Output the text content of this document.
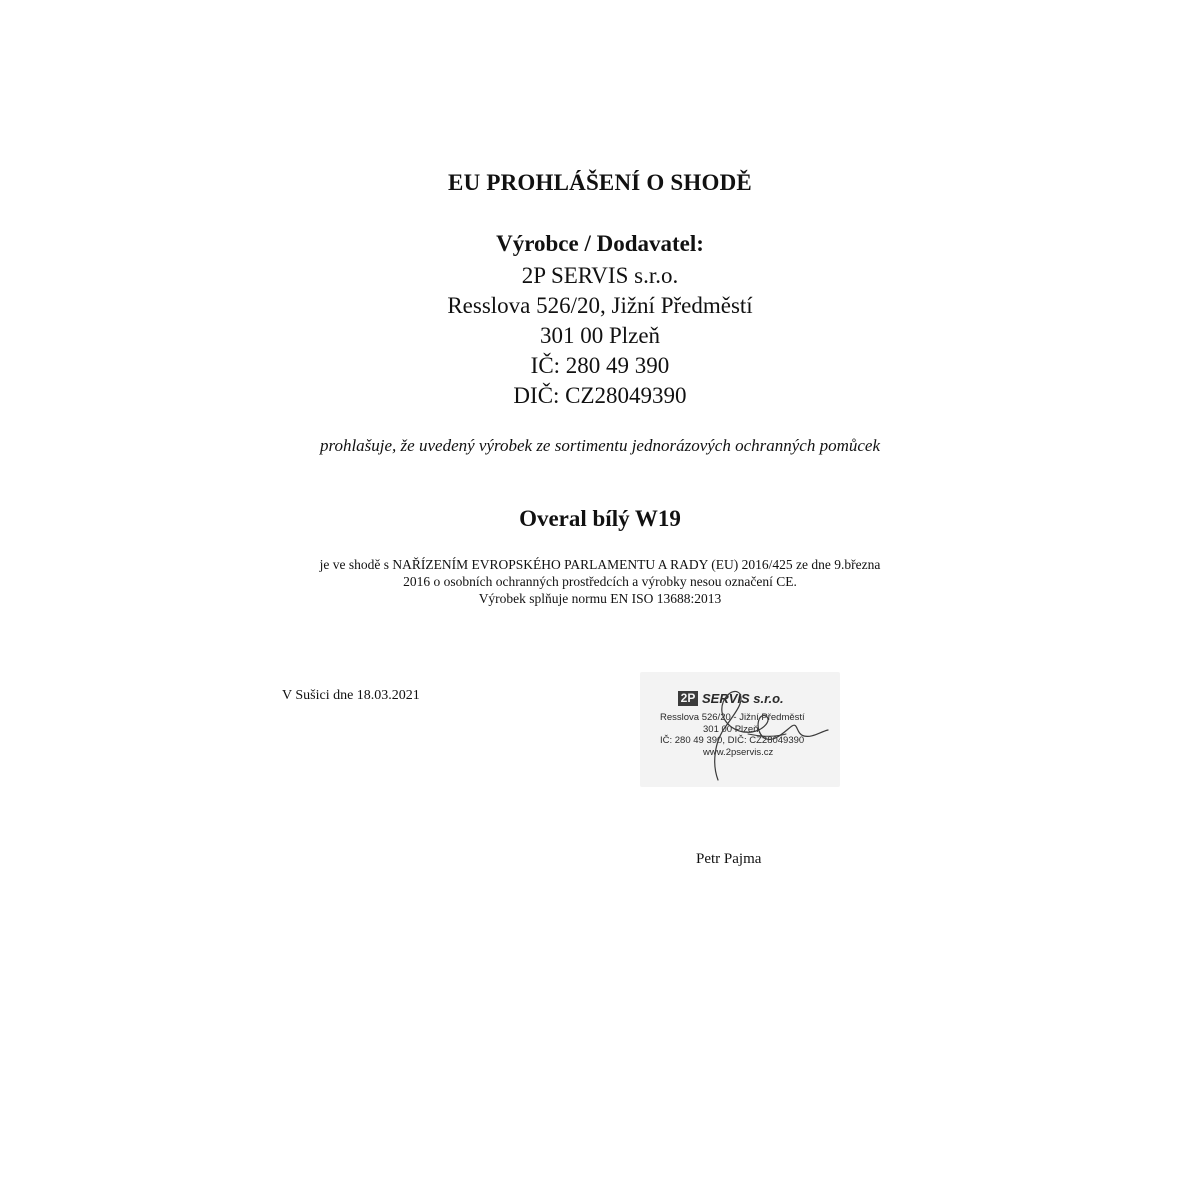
EU PROHLÁŠENÍ O SHODĚ
Výrobce / Dodavatel:
2P SERVIS s.r.o.
Resslova 526/20, Jižní Předměstí
301 00 Plzeň
IČ: 280 49 390
DIČ: CZ28049390
prohlašuje, že uvedený výrobek ze sortimentu jednorázových ochranných pomůcek
Overal bílý W19
je ve shodě s NAŘÍZENÍM EVROPSKÉHO PARLAMENTU A RADY (EU) 2016/425 ze dne 9.března
2016 o osobních ochranných prostředcích a výrobky nesou označení CE.
Výrobek splňuje normu EN ISO 13688:2013
V Sušici dne 18.03.2021	2P SERVIS s.r.o.
Resslova 526/20 - Jižní Předměstí
301 00 Plzeň
IČ: 280 49 390, DIČ: CZ28049390
www.2pservis.cz
Petr Pajma
